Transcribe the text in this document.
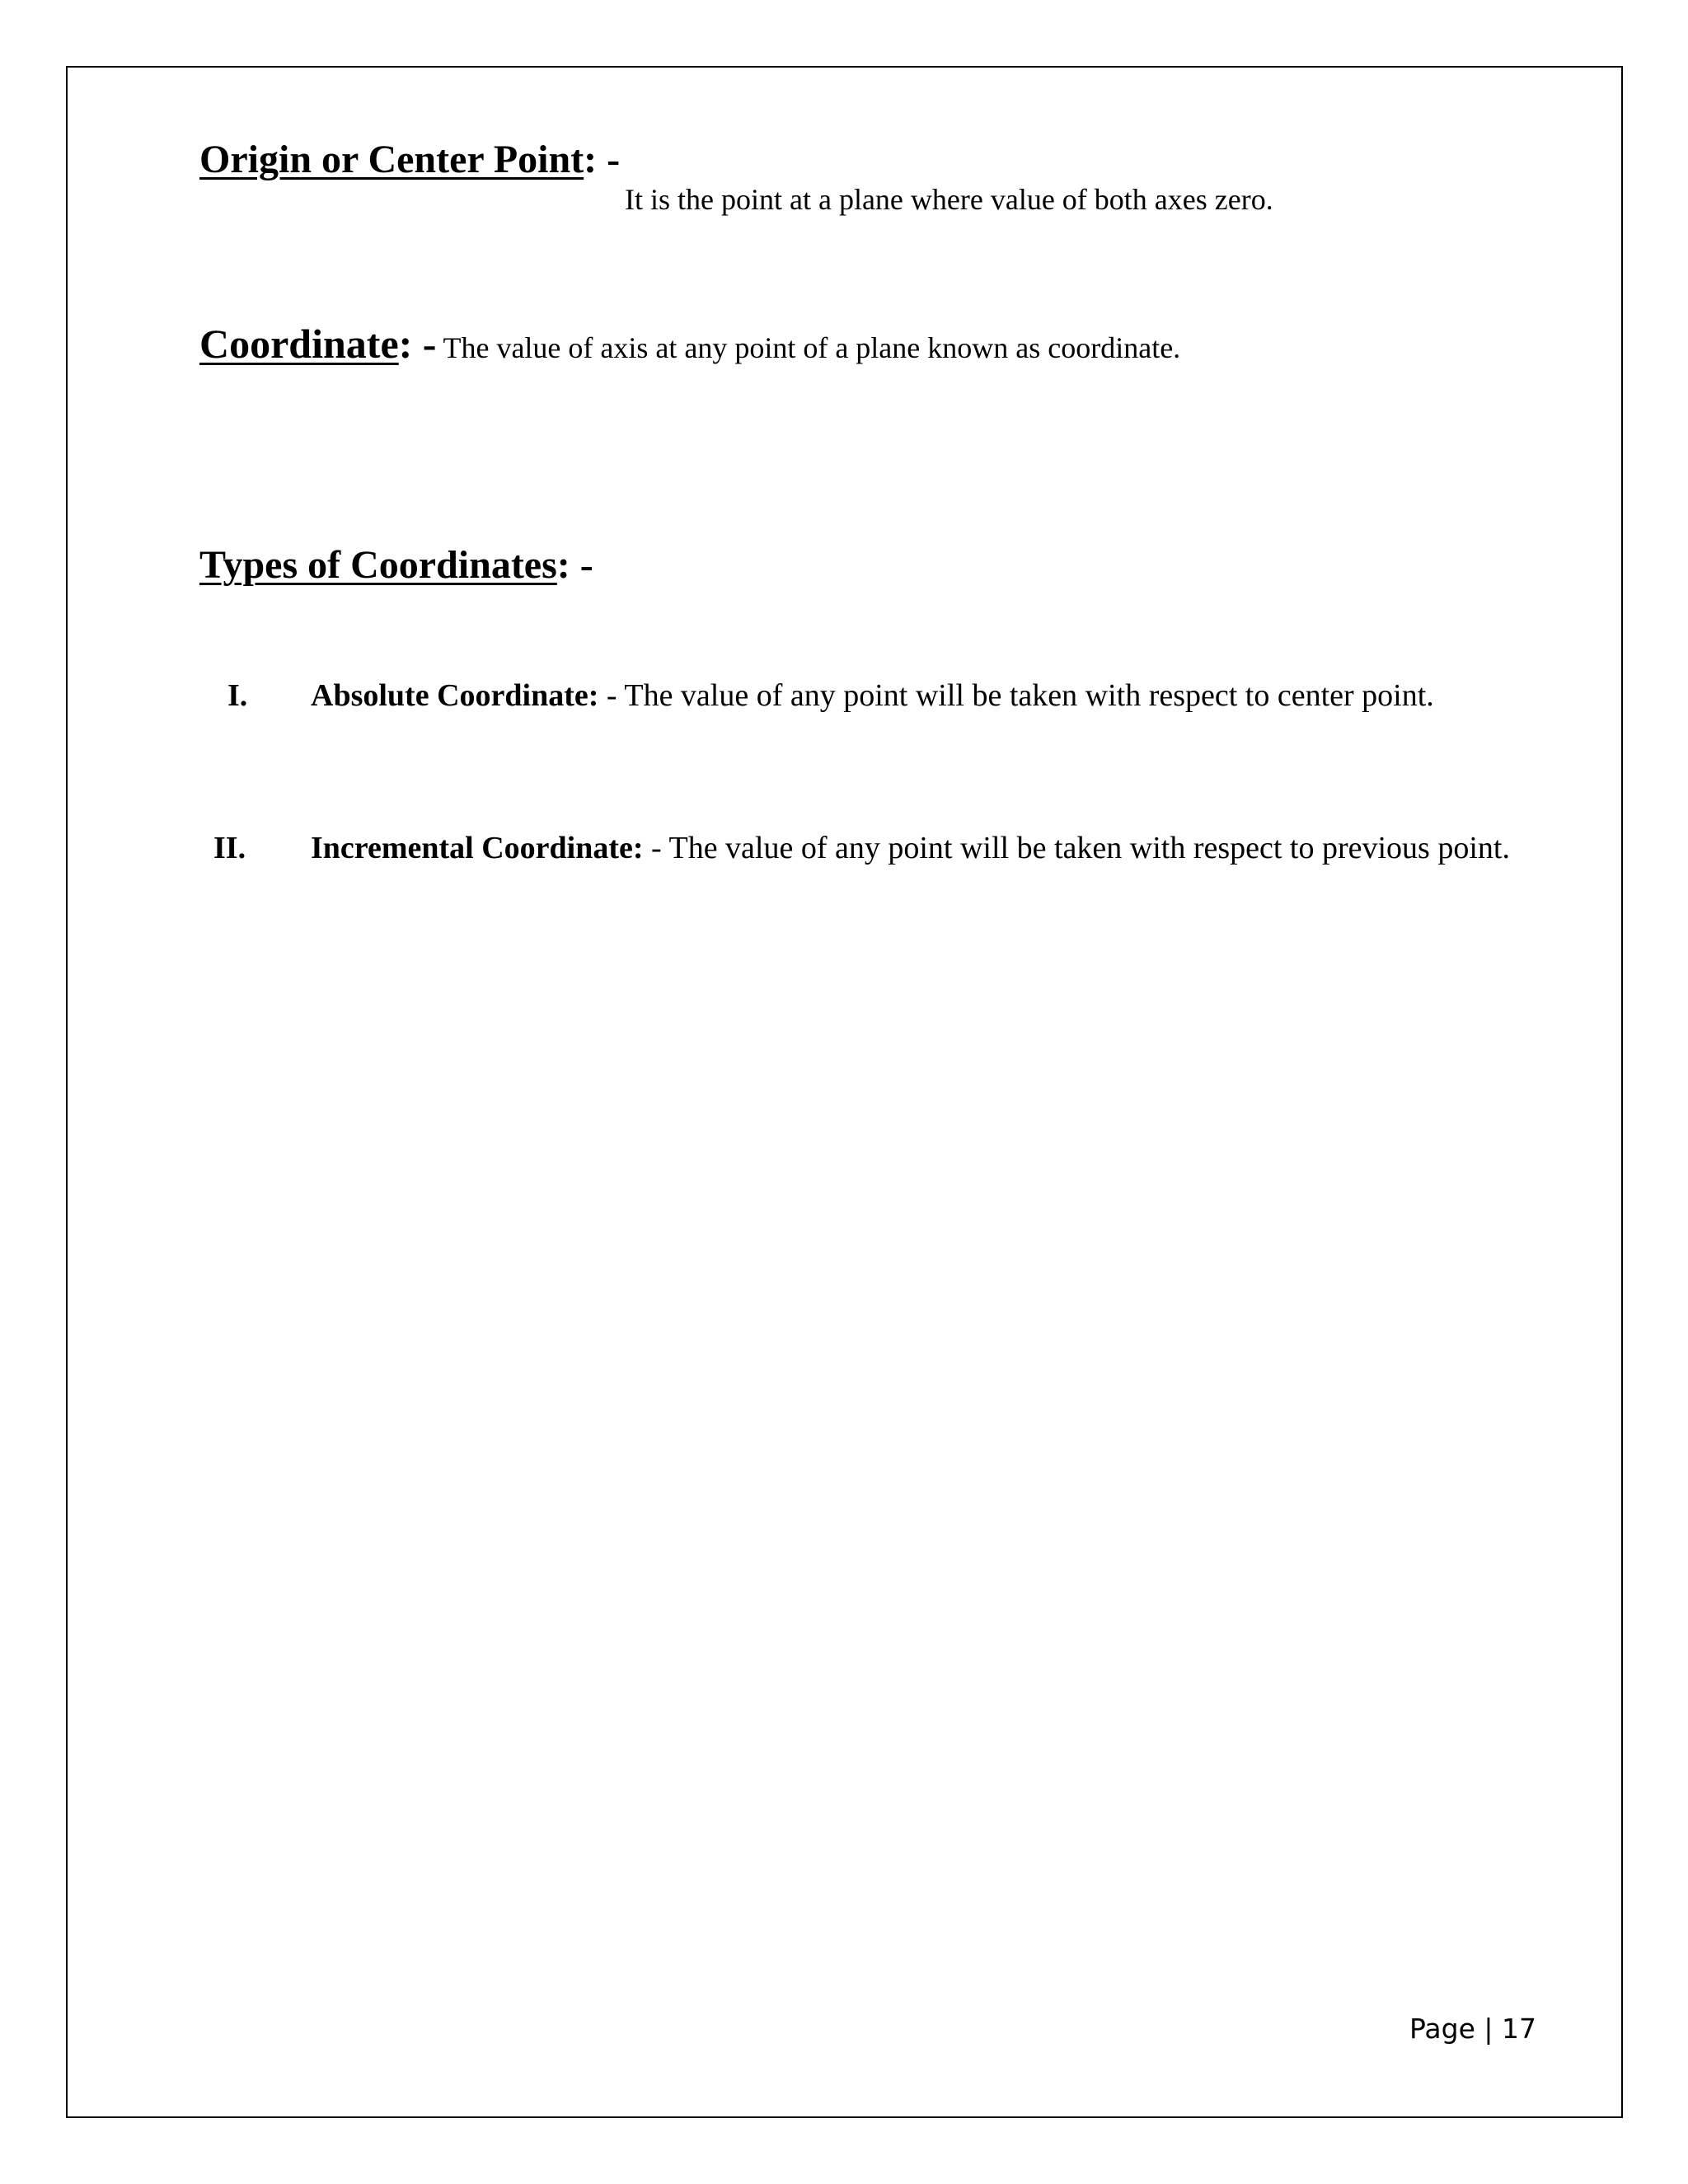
Origin or Center Point: -
It is the point at a plane where value of both axes zero.
Coordinate: - The value of axis at any point of a plane known as coordinate.
Types of Coordinates: -
I. Absolute Coordinate: - The value of any point will be taken with respect to center point.
II. Incremental Coordinate: - The value of any point will be taken with respect to previous point.
Page | 17
